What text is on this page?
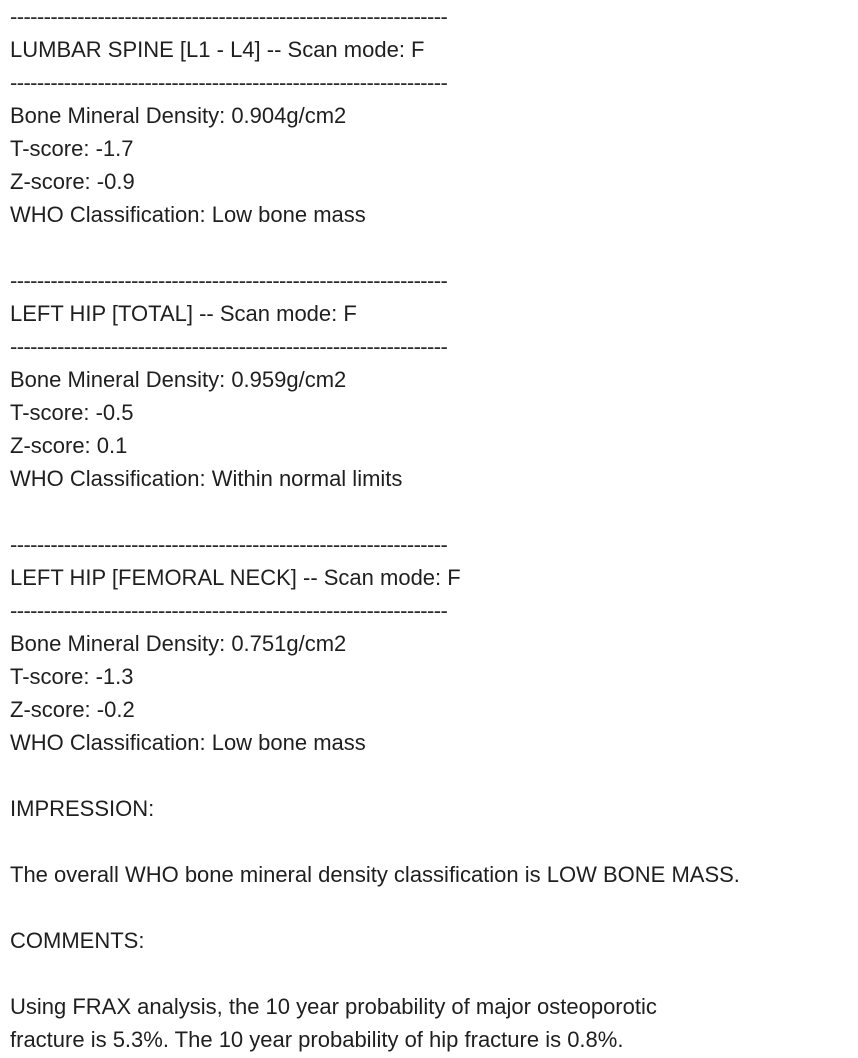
-----------------------------------------------------------------
LUMBAR SPINE [L1 - L4] -- Scan mode: F
-----------------------------------------------------------------
Bone Mineral Density: 0.904g/cm2
T-score: -1.7
Z-score: -0.9
WHO Classification: Low bone mass
-----------------------------------------------------------------
LEFT HIP [TOTAL] -- Scan mode: F
-----------------------------------------------------------------
Bone Mineral Density: 0.959g/cm2
T-score: -0.5
Z-score: 0.1
WHO Classification: Within normal limits
-----------------------------------------------------------------
LEFT HIP [FEMORAL NECK] -- Scan mode: F
-----------------------------------------------------------------
Bone Mineral Density: 0.751g/cm2
T-score: -1.3
Z-score: -0.2
WHO Classification: Low bone mass
IMPRESSION:
The overall WHO bone mineral density classification is LOW BONE MASS.
COMMENTS:
Using FRAX analysis, the 10 year probability of major osteoporotic fracture is 5.3%. The 10 year probability of hip fracture is 0.8%.
